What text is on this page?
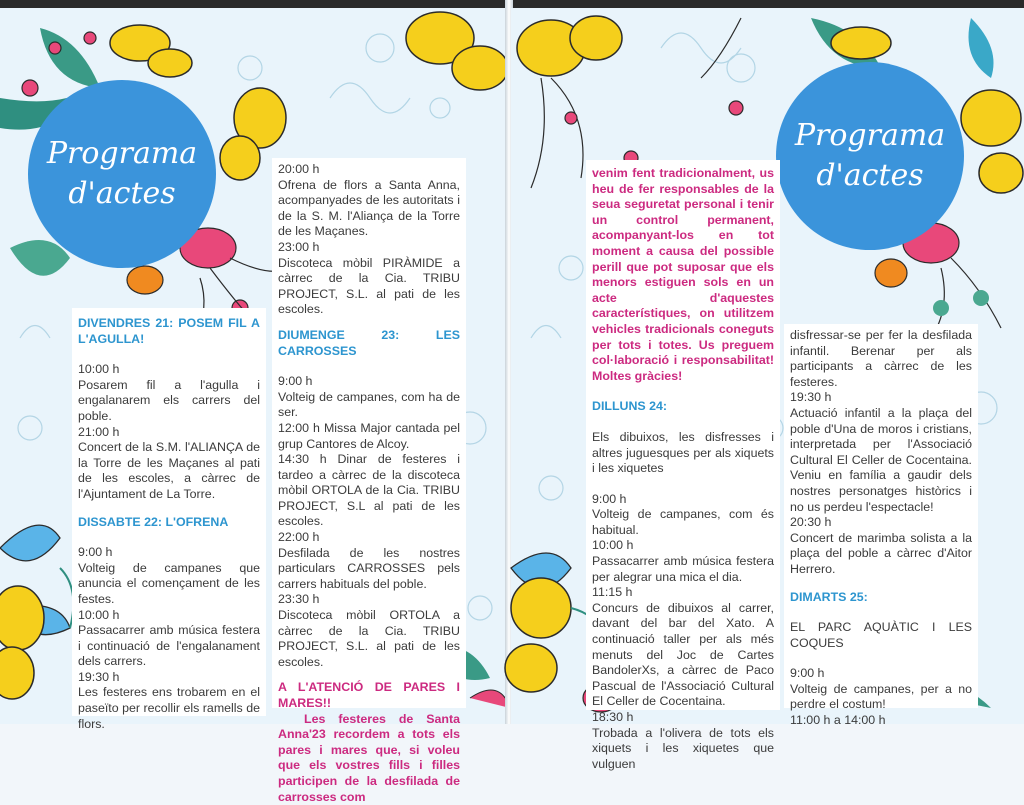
Programa
d'actes

DIVENDRES 21: POSEM FIL A L'AGULLA!

10:00 h

Posarem fil a l'agulla i engalanarem els carrers del poble.

21:00 h

Concert de la S.M. l'ALIANÇA de la Torre de les Maçanes al pati de les escoles, a càrrec de l'Ajuntament de La Torre.

DISSABTE 22: L'OFRENA

9:00 h

Volteig de campanes que anuncia el començament de les festes.

10:00 h

Passacarrer amb música festera i continuació de l'engalanament dels carrers.

19:30 h

Les festeres ens trobarem en el paseïto per recollir els ramells de flors.

20:00 h

Ofrena de flors a Santa Anna, acompanyades de les autoritats i de la S. M. l'Aliança de la Torre de les Maçanes.

23:00 h

Discoteca mòbil PIRÀMIDE a càrrec de la Cia. TRIBU PROJECT, S.L. al pati de les escoles.

DIUMENGE 23: LES CARROSSES

9:00 h

Volteig de campanes, com ha de ser.

12:00 h Missa Major cantada pel grup Cantores de Alcoy.

14:30 h Dinar de festeres i tardeo a càrrec de la discoteca mòbil ORTOLA de la Cia. TRIBU PROJECT, S.L al pati de les escoles.

22:00 h

Desfilada de les nostres particulars CARROSSES pels carrers habituals del poble.

23:30 h

Discoteca mòbil ORTOLA a càrrec de la Cia. TRIBU PROJECT, S.L. al pati de les escoles.

A L'ATENCIÓ DE PARES I MARES!!

Les festeres de Santa Anna'23 recordem a tots els pares i mares que, si voleu que els vostres fills i filles participen de la desfilada de carrosses com

Programa
d'actes

venim fent tradicionalment, us heu de fer responsables de la seua seguretat personal i tenir un control permanent, acompanyant-los en tot moment a causa del possible perill que pot suposar que els menors estiguen sols en un acte d'aquestes característiques, on utilitzem vehicles tradicionals coneguts per tots i totes. Us preguem col·laboració i responsabilitat! Moltes gràcies!

DILLUNS 24:

Els dibuixos, les disfresses i altres juguesques per als xiquets i les xiquetes

9:00 h

Volteig de campanes, com és habitual.

10:00 h

Passacarrer amb música festera per alegrar una mica el dia.

11:15 h

Concurs de dibuixos al carrer, davant del bar del Xato. A continuació taller per als més menuts del Joc de Cartes BandolerXs, a càrrec de Paco Pascual de l'Associació Cultural El Celler de Cocentaina.

18:30 h

Trobada a l'olivera de tots els xiquets i les xiquetes que vulguen

disfressar-se per fer la desfilada infantil. Berenar per als participants a càrrec de les festeres.

19:30 h

Actuació infantil a la plaça del poble d'Una de moros i cristians, interpretada per l'Associació Cultural El Celler de Cocentaina. Veniu en família a gaudir dels nostres personatges històrics i no us perdeu l'espectacle!

20:30 h

Concert de marimba solista a la plaça del poble a càrrec d'Aitor Herrero.

DIMARTS 25:

EL PARC AQUÀTIC I LES COQUES

9:00 h

Volteig de campanes, per a no perdre el costum!

11:00 h a 14:00 h
